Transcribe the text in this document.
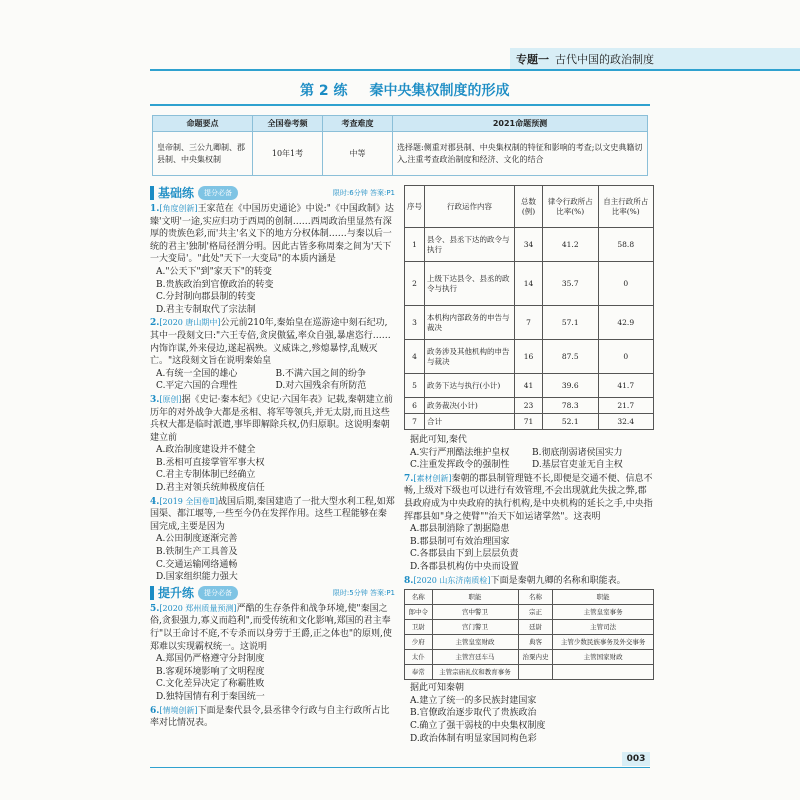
专题一 古代中国的政治制度
第 2 练 秦中央集权制度的形成
命题要点	全国卷考频	考查难度	2021命题预测
皇帝制、三公九卿制、郡县制、中央集权制	10年1考	中等	选择题:侧重对郡县制、中央集权制的特征和影响的考查;以文史典籍切入,注重考查政治制度和经济、文化的结合
基础练	提分必备	限时:6分钟 答案:P1
1.[角度创新]王家范在《中国历史通论》中说:"《中国政制》达臻'文明'一途,实应归功于西周的创制……西周政治里显然有深厚的贵族色彩,而'共主'名义下的地方分权体制……与秦以后一统的君主'独制'格局径渭分明。因此古皆多称周秦之间为'天下一大变局'。"此处"天下一大变局"的本质内涵是
A."公天下"到"家天下"的转变
B.贵族政治到官僚政治的转变
C.分封制向郡县制的转变
D.君主专制取代了宗法制
2.[2020 唐山期中]公元前210年,秦始皇在巡游途中刻石纪功,其中一段刻文曰:"六王专倍,贪戾傲猛,率众自强,暴虐恣行……内饰诈谋,外来侵边,遂起祸殃。义威诛之,殄熄暴悖,乱贼灭亡。"这段刻文旨在说明秦始皇
A.有统一全国的雄心	B.不满六国之间的纷争
C.平定六国的合理性	D.对六国残余有所防范
3.[原创]据《史记·秦本纪》《史记·六国年表》记载,秦朝建立前历年的对外战争大都是丞相、将军等领兵,并无太尉,而且这些兵权大都是临时派遣,事毕即解除兵权,仍归原职。这说明秦朝建立前
A.政治制度建设并不健全
B.丞相可直接掌管军事大权
C.君主专制体制已经确立
D.君主对领兵统帅极度信任
4.[2019 全国卷Ⅱ]战国后期,秦国建造了一批大型水利工程,如郑国渠、都江堰等,一些至今仍在发挥作用。这些工程能够在秦国完成,主要是因为
A.公田制度逐渐完善
B.铁制生产工具普及
C.交通运输网络通畅
D.国家组织能力强大
提升练	提分必备	限时:5分钟 答案:P1
5.[2020 郑州质量预测]严酷的生存条件和战争环境,使"秦国之俗,贪狠强力,寡义而趋利",而受传统和文化影响,郑国的君主奉行"以王命讨不庭,不专杀而以身劳于王爵,正之体也"的原则,使郑难以实现霸权统一。这说明
A.郑国仍严格遵守分封制度
B.客观环境影响了文明程度
C.文化差异决定了称霸胜败
D.独特国情有利于秦国统一
6.[情境创新]下面是秦代县令,县丞律令行政与自主行政所占比率对比情况表。
序号	行政运作内容	总数(例)	律令行政所占比率(%)	自主行政所占比率(%)
1	县令、县丞下达的政令与执行	34	41.2	58.8
2	上级下达县令、县丞的政令与执行	14	35.7	0
3	本机构内部政务的申告与裁决	7	57.1	42.9
4	政务涉及其他机构的申告与裁决	16	87.5	0
5	政务下达与执行(小计)	41	39.6	41.7
6	政务裁决(小计)	23	78.3	21.7
7	合计	71	52.1	32.4
据此可知,秦代
A.实行严刑酷法维护皇权	B.彻底削弱诸侯国实力
C.注重发挥政令的强制性	D.基层官吏並无自主权
7.[素材创新]秦朝的郡县制管理链不长,即便是交通不便、信息不畅,上级对下级也可以进行有效管理,不会出现就此失拔之弊,郡县政府成为中央政府的执行机构,是中央机构的延长之手,中央指挥郡县如"身之使臂""治天下如运诸掌然"。这表明
A.郡县制消除了割据隐患
B.郡县制可有效治理国家
C.各郡县由下到上层层负责
D.各郡县机构仿中央而设置
8.[2020 山东济南质检]下面是秦朝九卿的名称和职能表。
名称	职能	名称	职能
郎中令	宫中警卫	宗正	主管皇室事务
卫尉	宫门警卫	廷尉	主管司法
少府	主管皇室财政	典客	主管少数民族事务及外交事务
太仆	主管宫廷车马	治粟内史	主管国家财政
奉常	主管宗庙礼仪和教育事务		
据此可知秦朝
A.建立了统一的多民族封建国家
B.官僚政治逐步取代了贵族政治
C.确立了强干弱枝的中央集权制度
D.政治体制有明显家国同构色彩
003
